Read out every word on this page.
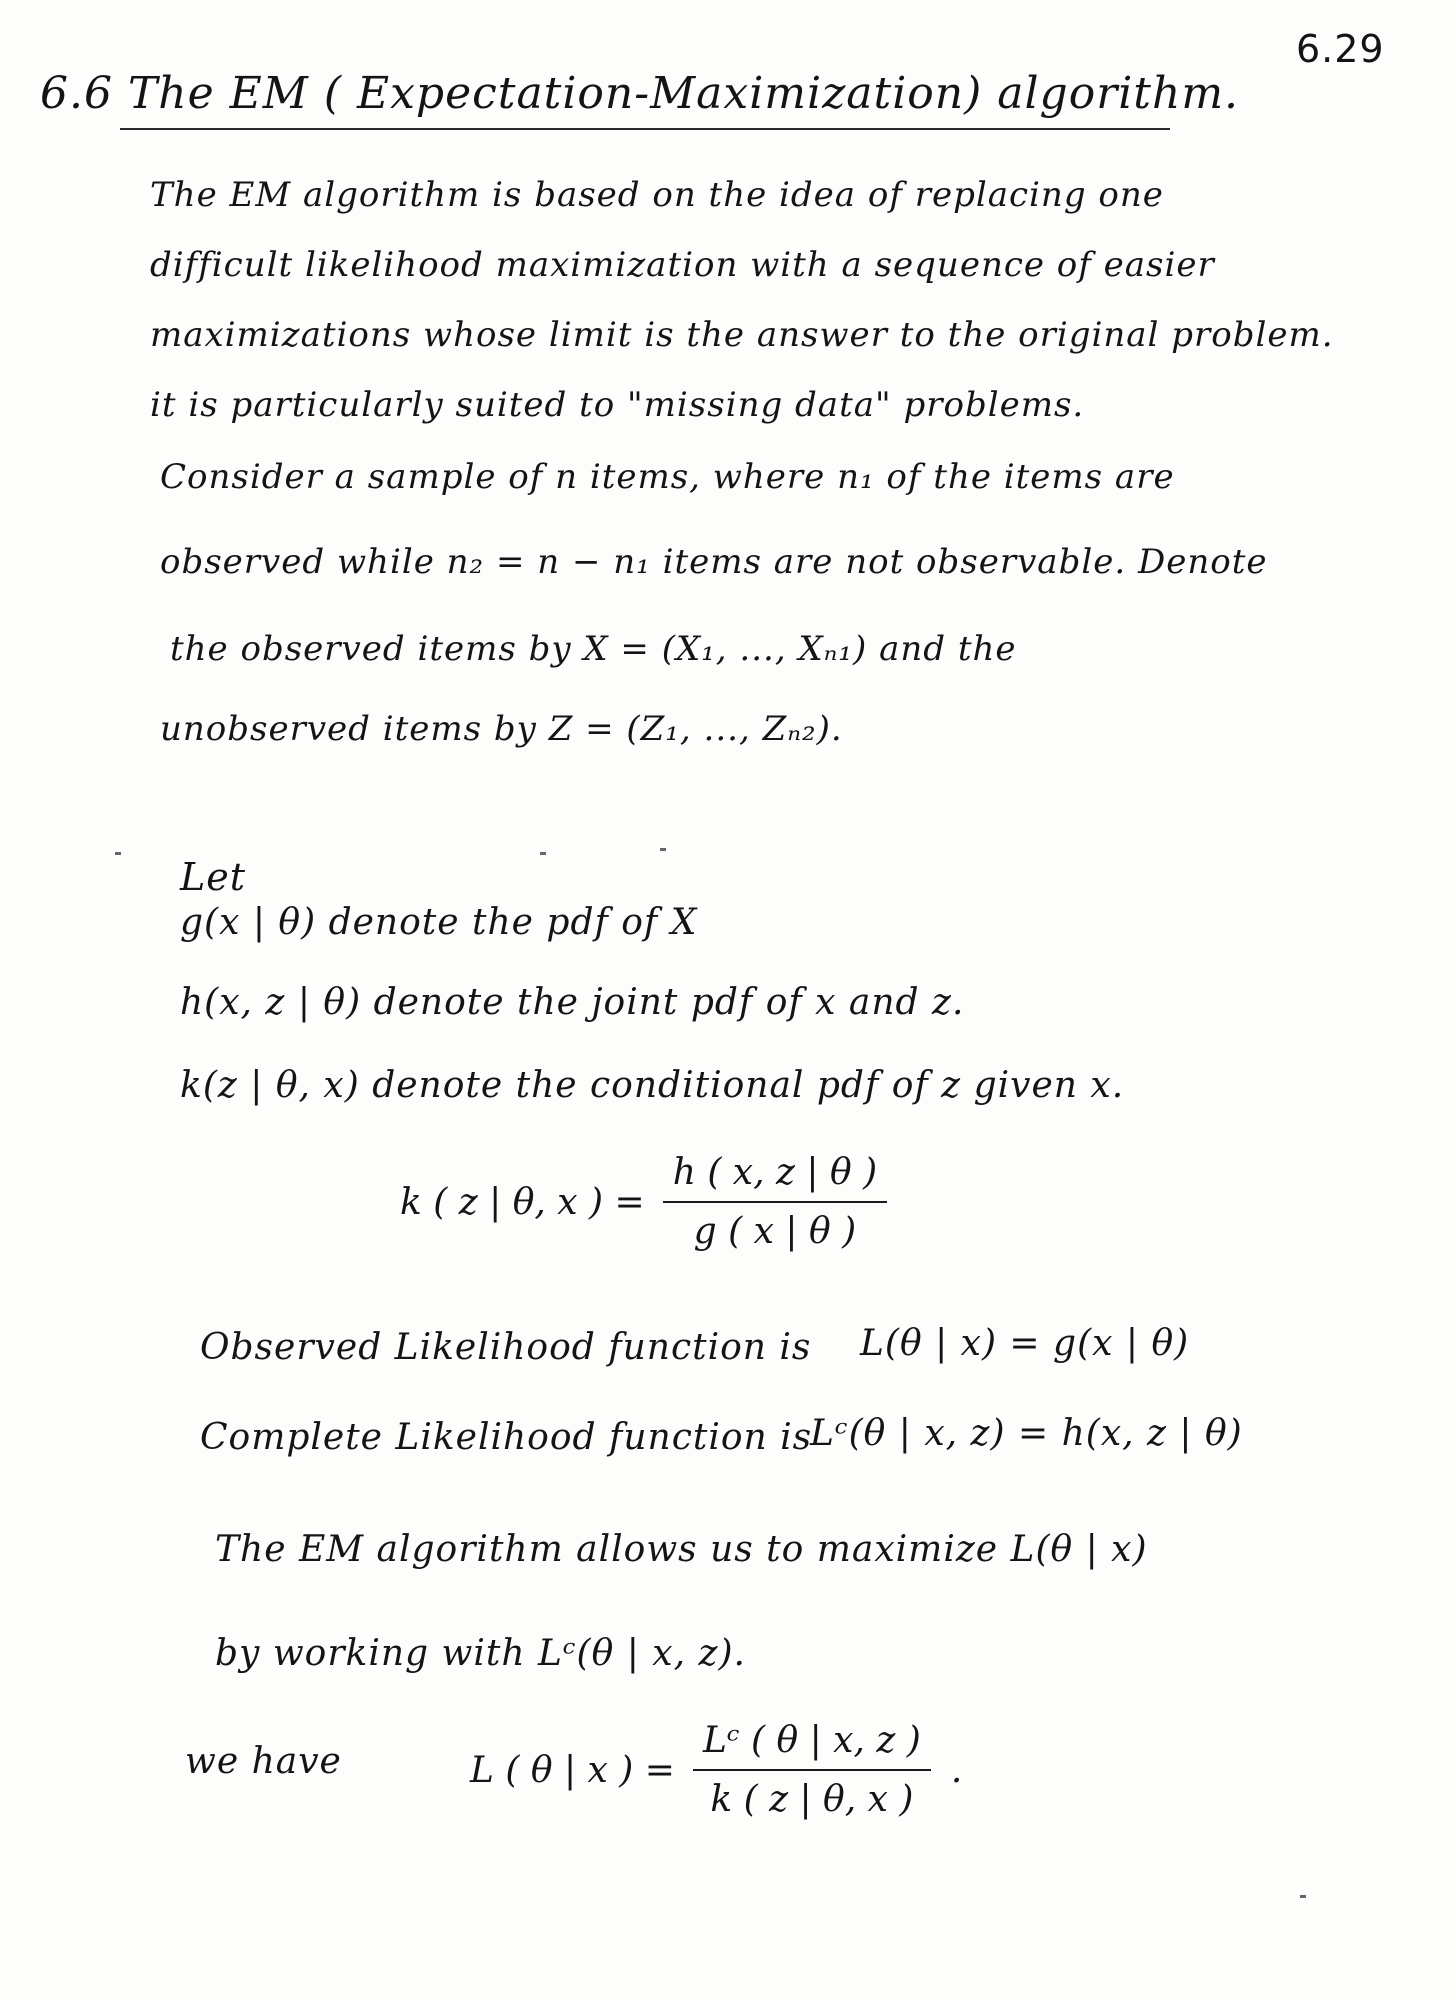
6.29
6.6 The EM ( Expectation-Maximization) algorithm.
The EM algorithm is based on the idea of replacing one
difficult likelihood maximization with a sequence of easier
maximizations whose limit is the answer to the original problem.
it is particularly suited to "missing data" problems.
Consider a sample of n items, where n₁ of the items are
observed while n₂ = n − n₁ items are not observable. Denote
the observed items by X = (X₁, ..., Xₙ₁) and the
unobserved items by Z = (Z₁, ..., Zₙ₂).
Let
g(x | θ) denote the pdf of X
h(x, z | θ) denote the joint pdf of x and z.
k(z | θ, x) denote the conditional pdf of z given x.
k ( z | θ, x ) = $\frac{h ( x, z | \theta )}{g ( x | \theta )}$
Observed Likelihood function is L(θ | x) = g(x | θ)
Complete Likelihood function is
Lᶜ(θ | x, z) = h(x, z | θ)
The EM algorithm allows us to maximize L(θ | x)
by working with Lᶜ(θ | x, z).
we have	L ( θ | x ) = $\frac{\text{Lᶜ ( θ | x, z )}}{k ( z | \theta, x )}$ .
